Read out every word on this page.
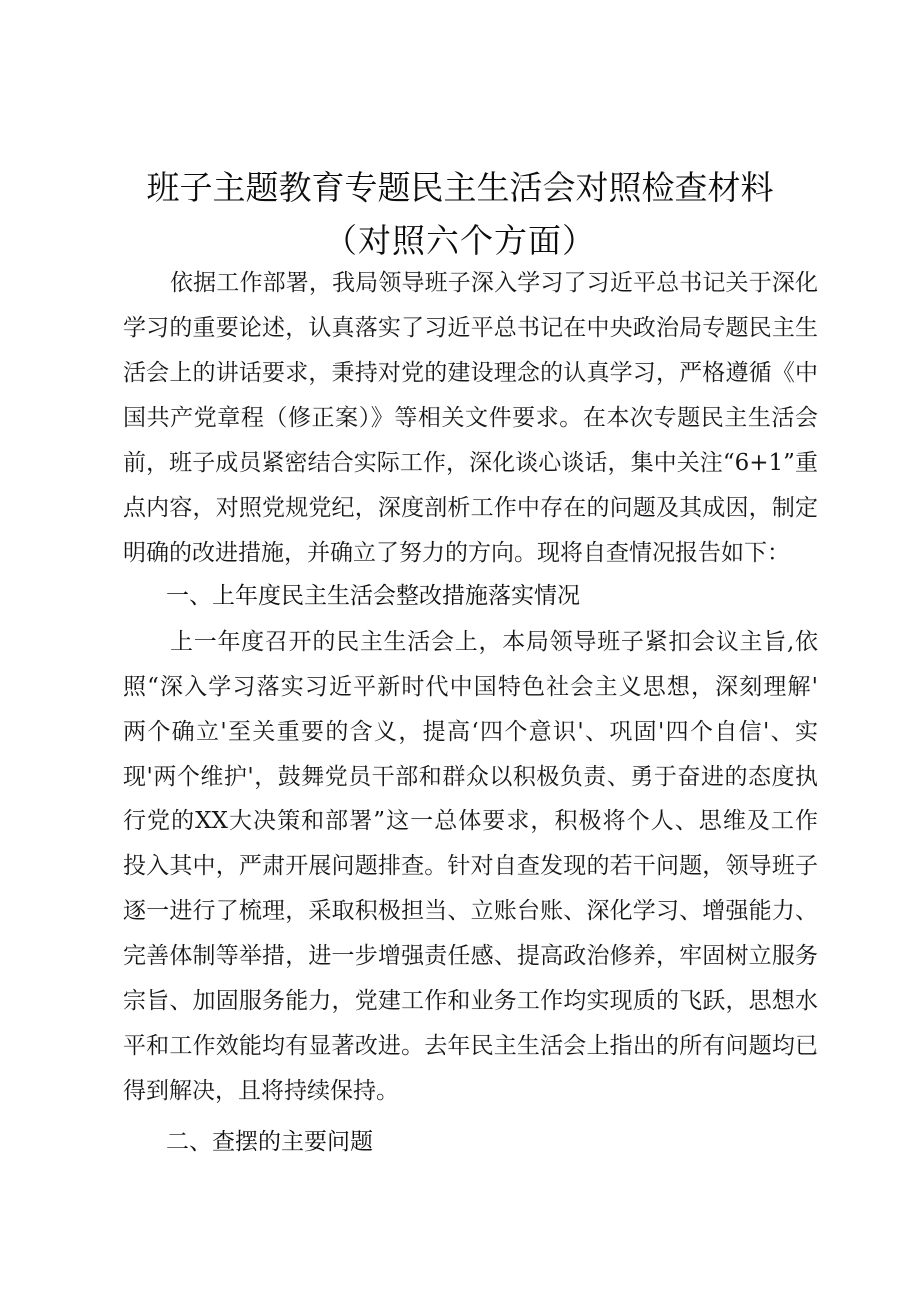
班子主题教育专题民主生活会对照检查材料
（对照六个方面）
依据工作部署，我局领导班子深入学习了习近平总书记关于深化
学习的重要论述，认真落实了习近平总书记在中央政治局专题民主生
活会上的讲话要求，秉持对党的建设理念的认真学习，严格遵循《中
国共产党章程（修正案）》等相关文件要求。在本次专题民主生活会
前，班子成员紧密结合实际工作，深化谈心谈话，集中关注“6+1”重
点内容，对照党规党纪，深度剖析工作中存在的问题及其成因，制定
明确的改进措施，并确立了努力的方向。现将自查情况报告如下：
一、上年度民主生活会整改措施落实情况
上一年度召开的民主生活会上，本局领导班子紧扣会议主旨,依
照“深入学习落实习近平新时代中国特色社会主义思想，深刻理解'
两个确立'至关重要的含义，提高‘四个意识'、巩固'四个自信'、实
现'两个维护'，鼓舞党员干部和群众以积极负责、勇于奋进的态度执
行党的XX大决策和部署”这一总体要求，积极将个人、思维及工作
投入其中，严肃开展问题排查。针对自查发现的若干问题，领导班子
逐一进行了梳理，采取积极担当、立账台账、深化学习、增强能力、
完善体制等举措，进一步增强责任感、提高政治修养，牢固树立服务
宗旨、加固服务能力，党建工作和业务工作均实现质的飞跃，思想水
平和工作效能均有显著改进。去年民主生活会上指出的所有问题均已
得到解决，且将持续保持。
二、查摆的主要问题
